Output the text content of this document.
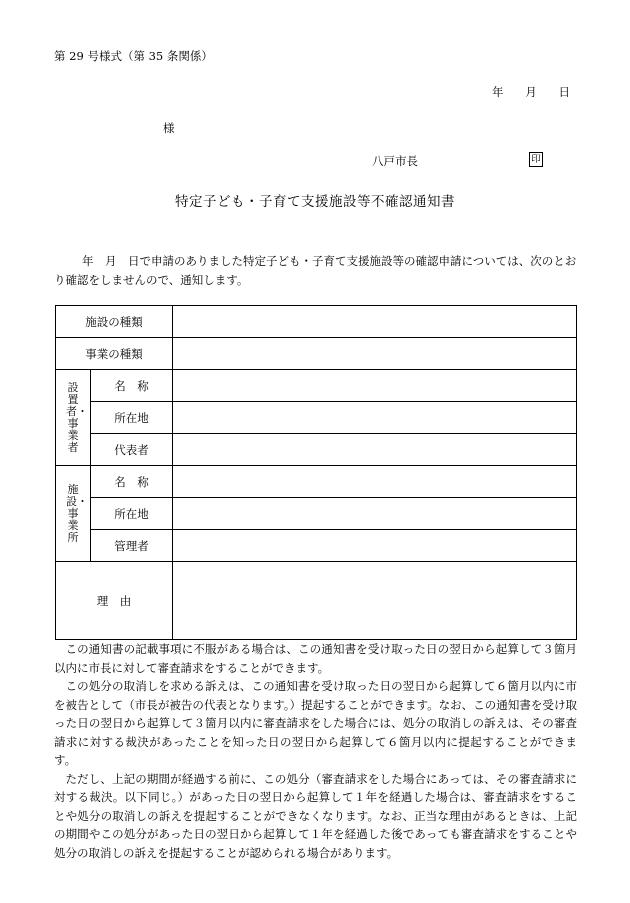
第 29 号様式（第 35 条関係）
年 月 日
様
八戸市長	印
特定子ども・子育て支援施設等不確認通知書
年　月　日で申請のありました特定子ども・子育て支援施設等の確認申請については、次のとおり確認をしませんので、通知します。
施設の種類		
事業の種類		
設置者・事業者	名　称	
	所在地	
	代表者	
施設・事業所	名　称	
	所在地	
	管理者	
理　由		

この通知書の記載事項に不服がある場合は、この通知書を受け取った日の翌日から起算して３箇月以内に市長に対して審査請求をすることができます。

この処分の取消しを求める訴えは、この通知書を受け取った日の翌日から起算して６箇月以内に市を被告として（市長が被告の代表となります。）提起することができます。なお、この通知書を受け取った日の翌日から起算して３箇月以内に審査請求をした場合には、処分の取消しの訴えは、その審査請求に対する裁決があったことを知った日の翌日から起算して６箇月以内に提起することができます。

ただし、上記の期間が経過する前に、この処分（審査請求をした場合にあっては、その審査請求に対する裁決。以下同じ。）があった日の翌日から起算して１年を経過した場合は、審査請求をすることや処分の取消しの訴えを提起することができなくなります。なお、正当な理由があるときは、上記の期間やこの処分があった日の翌日から起算して１年を経過した後であっても審査請求をすることや処分の取消しの訴えを提起することが認められる場合があります。
